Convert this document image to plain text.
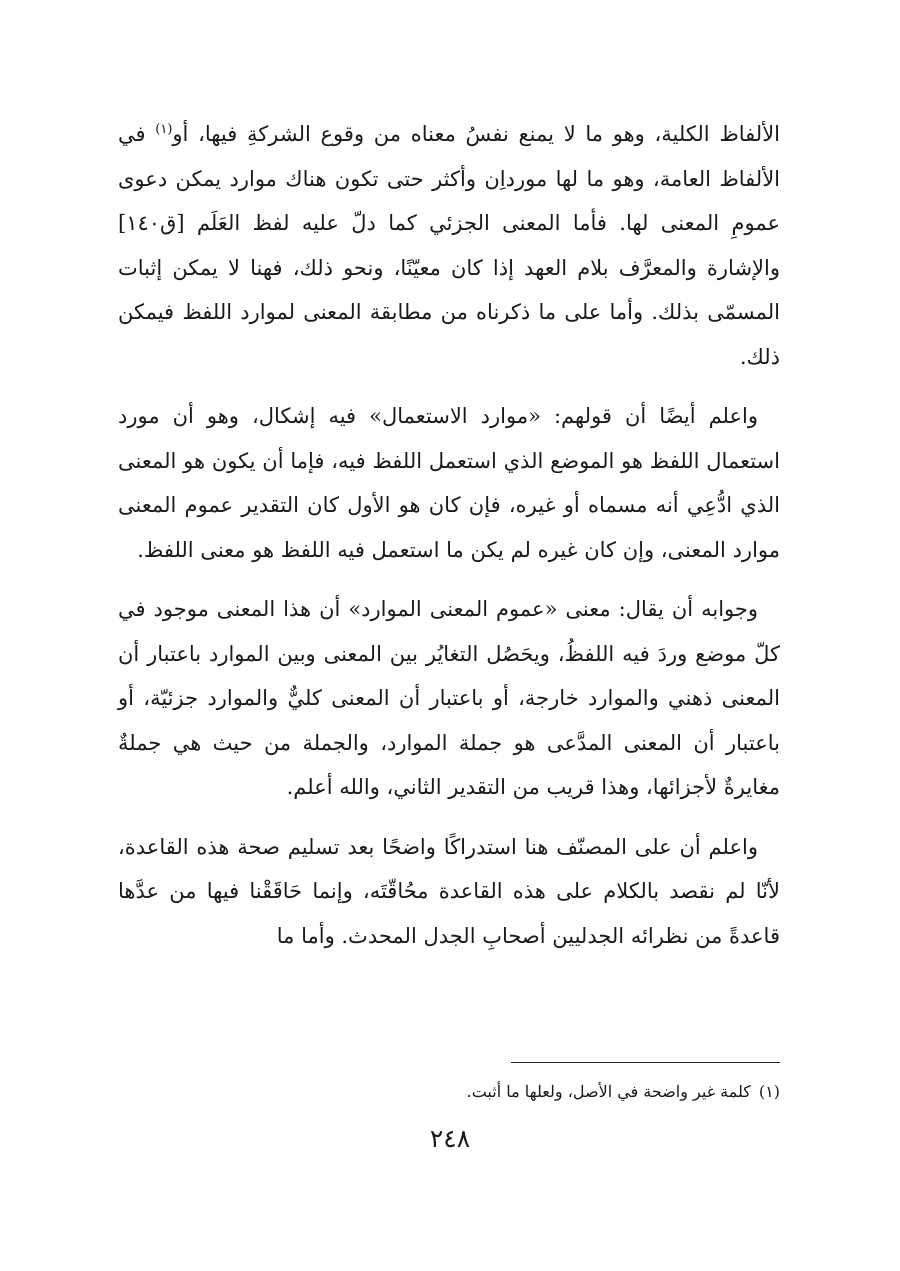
الألفاظ الكلية، وهو ما لا يمنع نفسُ معناه من وقوع الشركةِ فيها، أو$^{(١)}$ في الألفاظ العامة، وهو ما لها مورداِن وأكثر حتى تكون هناك موارد يمكن دعوى عمومِ المعنى لها. فأما المعنى الجزئي كما دلّ عليه لفظ العَلَم [ق١٤٠] والإشارة والمعرَّف بلام العهد إذا كان معيّنًا، ونحو ذلك، فهنا لا يمكن إثبات المسمّى بذلك. وأما على ما ذكرناه من مطابقة المعنى لموارد اللفظ فيمكن ذلك.

واعلم أيضًا أن قولهم: «موارد الاستعمال» فيه إشكال، وهو أن مورد استعمال اللفظ هو الموضع الذي استعمل اللفظ فيه، فإما أن يكون هو المعنى الذي ادُّعِي أنه مسماه أو غيره، فإن كان هو الأول كان التقدير عموم المعنى موارد المعنى، وإن كان غيره لم يكن ما استعمل فيه اللفظ هو معنى اللفظ.

وجوابه أن يقال: معنى «عموم المعنى الموارد» أن هذا المعنى موجود في كلّ موضع وردَ فيه اللفظُ، ويحَصُل التغايُر بين المعنى وبين الموارد باعتبار أن المعنى ذهني والموارد خارجة، أو باعتبار أن المعنى كليٌّ والموارد جزئيّة، أو باعتبار أن المعنى المدَّعى هو جملة الموارد، والجملة من حيث هي جملةٌ مغايرةٌ لأجزائها، وهذا قريب من التقدير الثاني، والله أعلم.

واعلم أن على المصنّف هنا استدراكًا واضحًا بعد تسليم صحة هذه القاعدة، لأنّا لم نقصد بالكلام على هذه القاعدة محُاقّتَه، وإنما حَاقَقْنا فيها من عدَّها قاعدةً من نظرائه الجدليين أصحابِ الجدل المحدث. وأما ما

(١)كلمة غير واضحة في الأصل، ولعلها ما أثبت.
٢٤٨
